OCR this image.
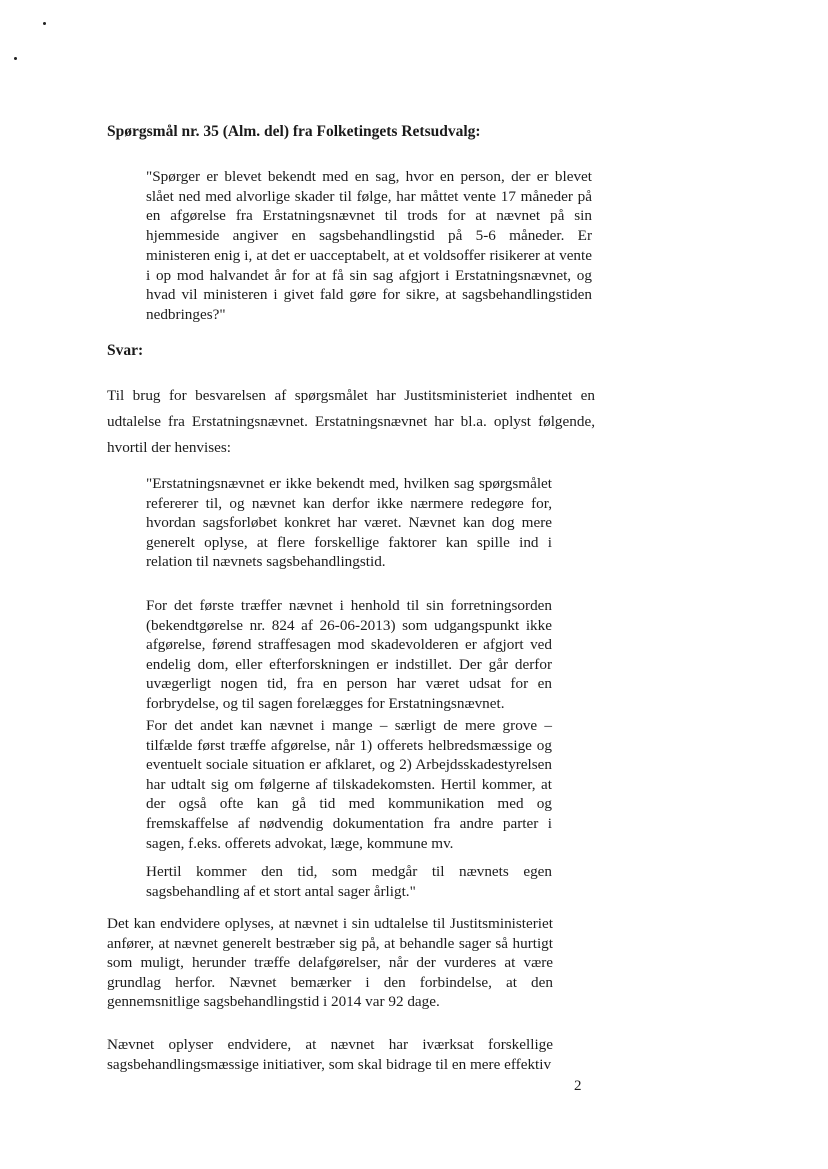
Spørgsmål nr. 35 (Alm. del) fra Folketingets Retsudvalg:

"Spørger er blevet bekendt med en sag, hvor en person, der er blevet slået ned med alvorlige skader til følge, har måttet vente 17 måneder på en afgørelse fra Erstatningsnævnet til trods for at nævnet på sin hjemmeside angiver en sagsbehandlingstid på 5-6 måneder. Er ministeren enig i, at det er uacceptabelt, at et voldsoffer risikerer at vente i op mod halvandet år for at få sin sag afgjort i Erstatningsnævnet, og hvad vil ministeren i givet fald gøre for sikre, at sagsbehandlingstiden nedbringes?"

Svar:

Til brug for besvarelsen af spørgsmålet har Justitsministeriet indhentet en udtalelse fra Erstatningsnævnet. Erstatningsnævnet har bl.a. oplyst følgende, hvortil der henvises:

"Erstatningsnævnet er ikke bekendt med, hvilken sag spørgsmålet refererer til, og nævnet kan derfor ikke nærmere redegøre for, hvordan sagsforløbet konkret har været. Nævnet kan dog mere generelt oplyse, at flere forskellige faktorer kan spille ind i relation til nævnets sagsbehandlingstid.

For det første træffer nævnet i henhold til sin forretningsorden (bekendtgørelse nr. 824 af 26-06-2013) som udgangspunkt ikke afgørelse, førend straffesagen mod skadevolderen er afgjort ved endelig dom, eller efterforskningen er indstillet. Der går derfor uvægerligt nogen tid, fra en person har været udsat for en forbrydelse, og til sagen forelægges for Erstatningsnævnet.

For det andet kan nævnet i mange – særligt de mere grove – tilfælde først træffe afgørelse, når 1) offerets helbredsmæssige og eventuelt sociale situation er afklaret, og 2) Arbejdsskadestyrelsen har udtalt sig om følgerne af tilskadekomsten. Hertil kommer, at der også ofte kan gå tid med kommunikation med og fremskaffelse af nødvendig dokumentation fra andre parter i sagen, f.eks. offerets advokat, læge, kommune mv.

Hertil kommer den tid, som medgår til nævnets egen sagsbehandling af et stort antal sager årligt."

Det kan endvidere oplyses, at nævnet i sin udtalelse til Justitsministeriet anfører, at nævnet generelt bestræber sig på, at behandle sager så hurtigt som muligt, herunder træffe delafgørelser, når der vurderes at være grundlag herfor. Nævnet bemærker i den forbindelse, at den gennemsnitlige sagsbehandlingstid i 2014 var 92 dage.

Nævnet oplyser endvidere, at nævnet har iværksat forskellige sagsbehandlingsmæssige initiativer, som skal bidrage til en mere effektiv

2
